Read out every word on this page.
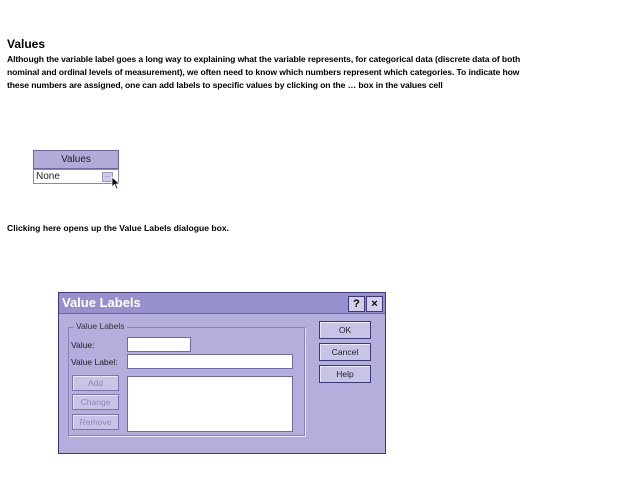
Values
Although the variable label goes a long way to explaining what the variable represents, for categorical data (discrete data of both nominal and ordinal levels of measurement), we often need to know which numbers represent which categories. To indicate how these numbers are assigned, one can add labels to specific values by clicking on the … box in the values cell
Values
None	...
Clicking here opens up the Value Labels dialogue box.
Value Labels	?	×
Value Labels
Value:
Value Label:
Add
Change
Remove
OK
Cancel
Help
